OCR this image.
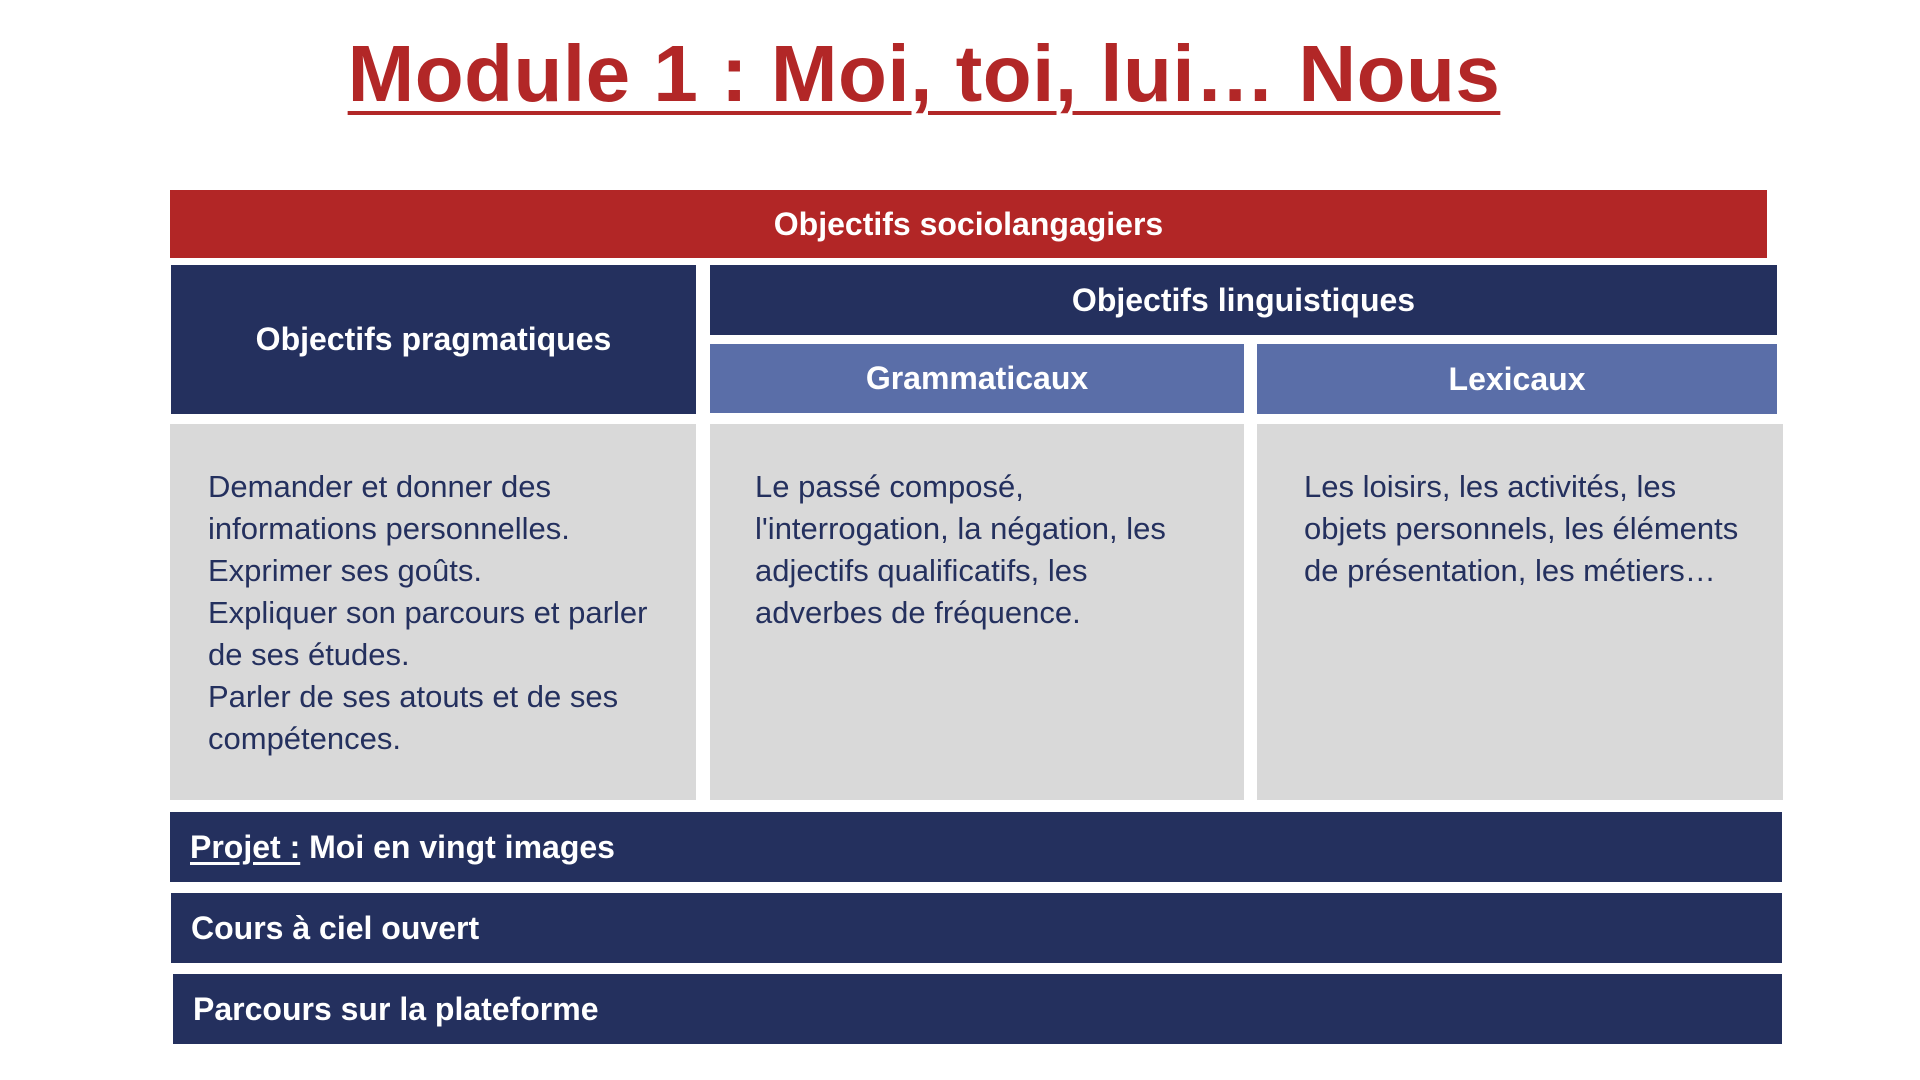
Module 1 : Moi, toi, lui… Nous
Objectifs sociolangagiers
Objectifs pragmatiques
Objectifs linguistiques
Grammaticaux	Lexicaux

Demander et donner des informations personnelles.

Exprimer ses goûts.

Expliquer son parcours et parler de ses études.

Parler de ses atouts et de ses compétences.

Le passé composé, l'interrogation, la négation, les adjectifs qualificatifs, les adverbes de fréquence.

Les loisirs, les activités, les objets personnels, les éléments de présentation, les métiers…

Projet : Moi en vingt images
Cours à ciel ouvert
Parcours sur la plateforme
